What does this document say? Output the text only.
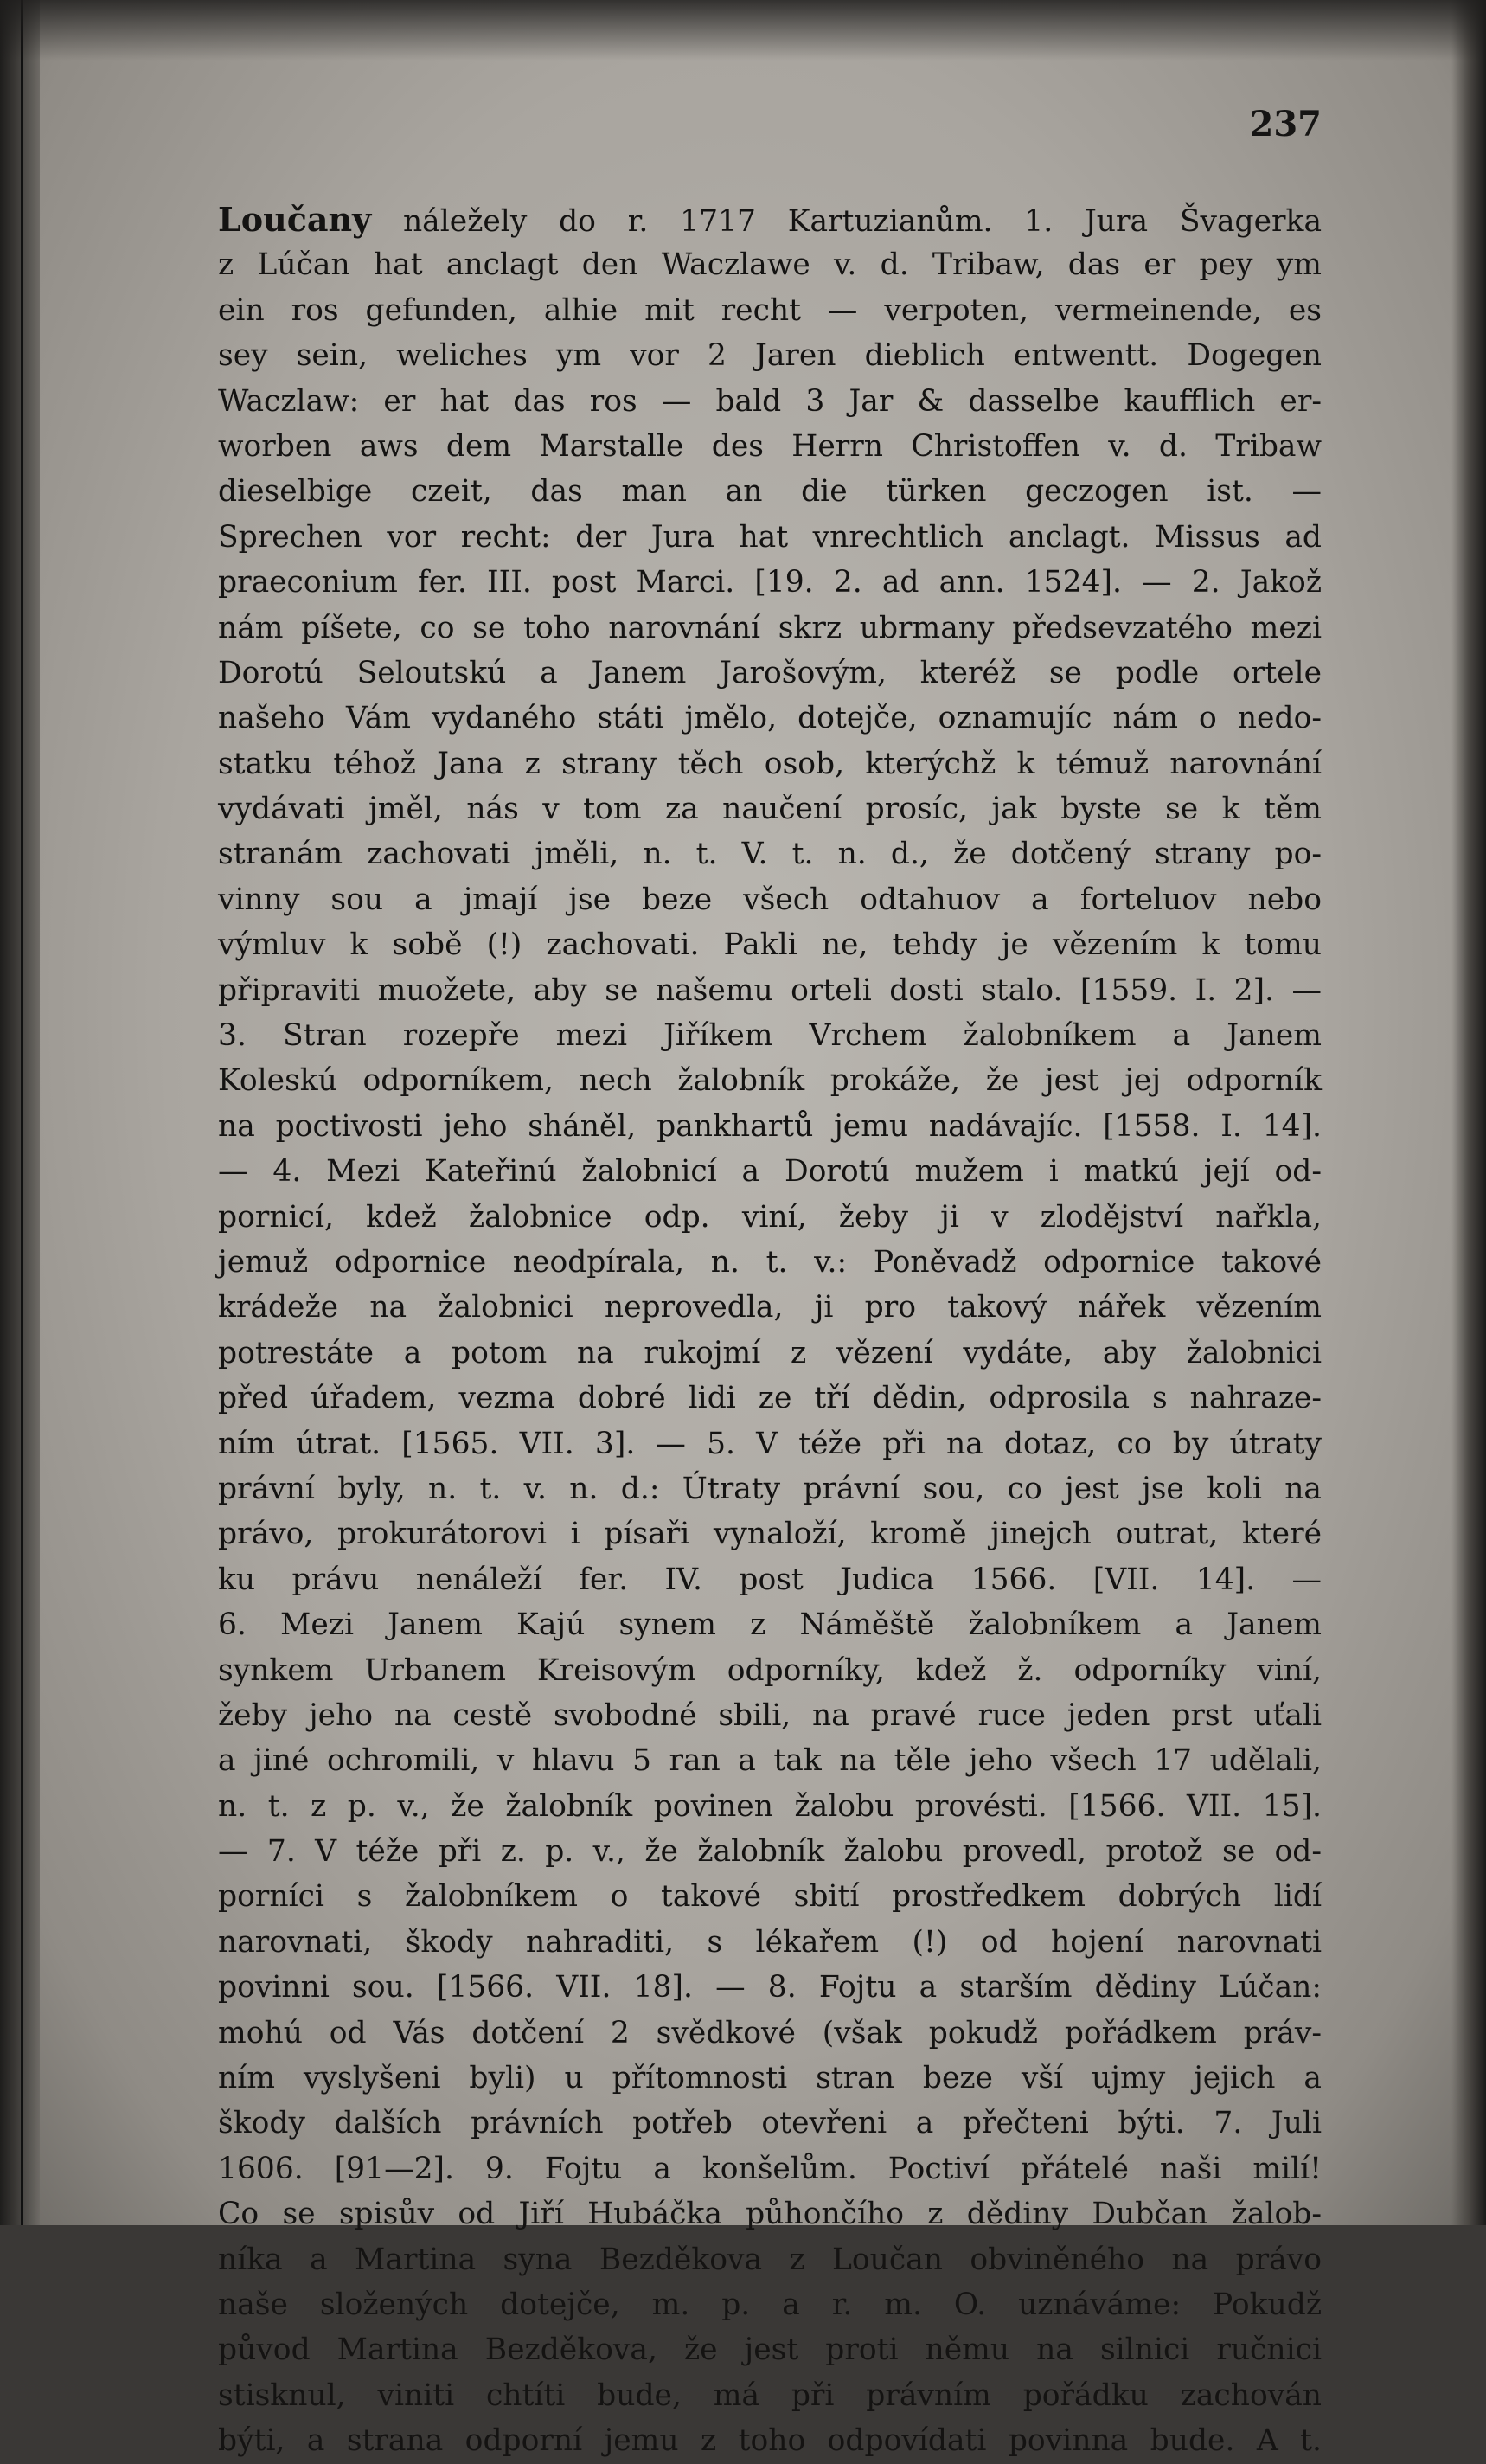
237

Loučany náležely do r. 1717 Kartuzianům. 1. Jura Švagerka
z Lúčan hat anclagt den Waczlawe v. d. Tribaw, das er pey ym
ein ros gefunden, alhie mit recht — verpoten, vermeinende, es
sey sein, weliches ym vor 2 Jaren dieblich entwentt. Dogegen
Waczlaw: er hat das ros — bald 3 Jar & dasselbe kaufflich er-
worben aws dem Marstalle des Herrn Christoffen v. d. Tribaw
dieselbige czeit, das man an die türken geczogen ist. —
Sprechen vor recht: der Jura hat vnrechtlich anclagt. Missus ad
praeconium fer. III. post Marci. [19. 2. ad ann. 1524]. — 2. Jakož
nám píšete, co se toho narovnání skrz ubrmany předsevzatého mezi
Dorotú Seloutskú a Janem Jarošovým, kteréž se podle ortele
našeho Vám vydaného státi jmělo, dotejče, oznamujíc nám o nedo-
statku téhož Jana z strany těch osob, kterýchž k témuž narovnání
vydávati jměl, nás v tom za naučení prosíc, jak byste se k těm
stranám zachovati jměli, n. t. V. t. n. d., že dotčený strany po-
vinny sou a jmají jse beze všech odtahuov a forteluov nebo
výmluv k sobě (!) zachovati. Pakli ne, tehdy je vězením k tomu
připraviti muožete, aby se našemu orteli dosti stalo. [1559. I. 2]. —
3. Stran rozepře mezi Jiříkem Vrchem žalobníkem a Janem
Koleskú odporníkem, nech žalobník prokáže, že jest jej odporník
na poctivosti jeho sháněl, pankhartů jemu nadávajíc. [1558. I. 14].
— 4. Mezi Kateřinú žalobnicí a Dorotú mužem i matkú její od-
pornicí, kdež žalobnice odp. viní, žeby ji v zlodějství nařkla,
jemuž odpornice neodpírala, n. t. v.: Poněvadž odpornice takové
krádeže na žalobnici neprovedla, ji pro takový nářek vězením
potrestáte a potom na rukojmí z vězení vydáte, aby žalobnici
před úřadem, vezma dobré lidi ze tří dědin, odprosila s nahraze-
ním útrat. [1565. VII. 3]. — 5. V téže při na dotaz, co by útraty
právní byly, n. t. v. n. d.: Útraty právní sou, co jest jse koli na
právo, prokurátorovi i písaři vynaloží, kromě jinejch outrat, které
ku právu nenáleží fer. IV. post Judica 1566. [VII. 14]. —
6. Mezi Janem Kajú synem z Náměště žalobníkem a Janem
synkem Urbanem Kreisovým odporníky, kdež ž. odporníky viní,
žeby jeho na cestě svobodné sbili, na pravé ruce jeden prst uťali
a jiné ochromili, v hlavu 5 ran a tak na těle jeho všech 17 udělali,
n. t. z p. v., že žalobník povinen žalobu provésti. [1566. VII. 15].
— 7. V téže při z. p. v., že žalobník žalobu provedl, protož se od-
porníci s žalobníkem o takové sbití prostředkem dobrých lidí
narovnati, škody nahraditi, s lékařem (!) od hojení narovnati
povinni sou. [1566. VII. 18]. — 8. Fojtu a starším dědiny Lúčan:
mohú od Vás dotčení 2 svědkové (však pokudž pořádkem práv-
ním vyslyšeni byli) u přítomnosti stran beze vší ujmy jejich a
škody dalších právních potřeb otevřeni a přečteni býti. 7. Juli
1606. [91—2]. 9. Fojtu a konšelům. Poctiví přátelé naši milí!
Co se spisův od Jiří Hubáčka půhončího z dědiny Dubčan žalob-
níka a Martina syna Bezděkova z Loučan obviněného na právo
naše složených dotejče, m. p. a r. m. O. uznáváme: Pokudž
původ Martina Bezděkova, že jest proti němu na silnici ručnici
stisknul, viniti chtíti bude, má při právním pořádku zachován
býti, a strana odporní jemu z toho odpovídati povinna bude. A t.
